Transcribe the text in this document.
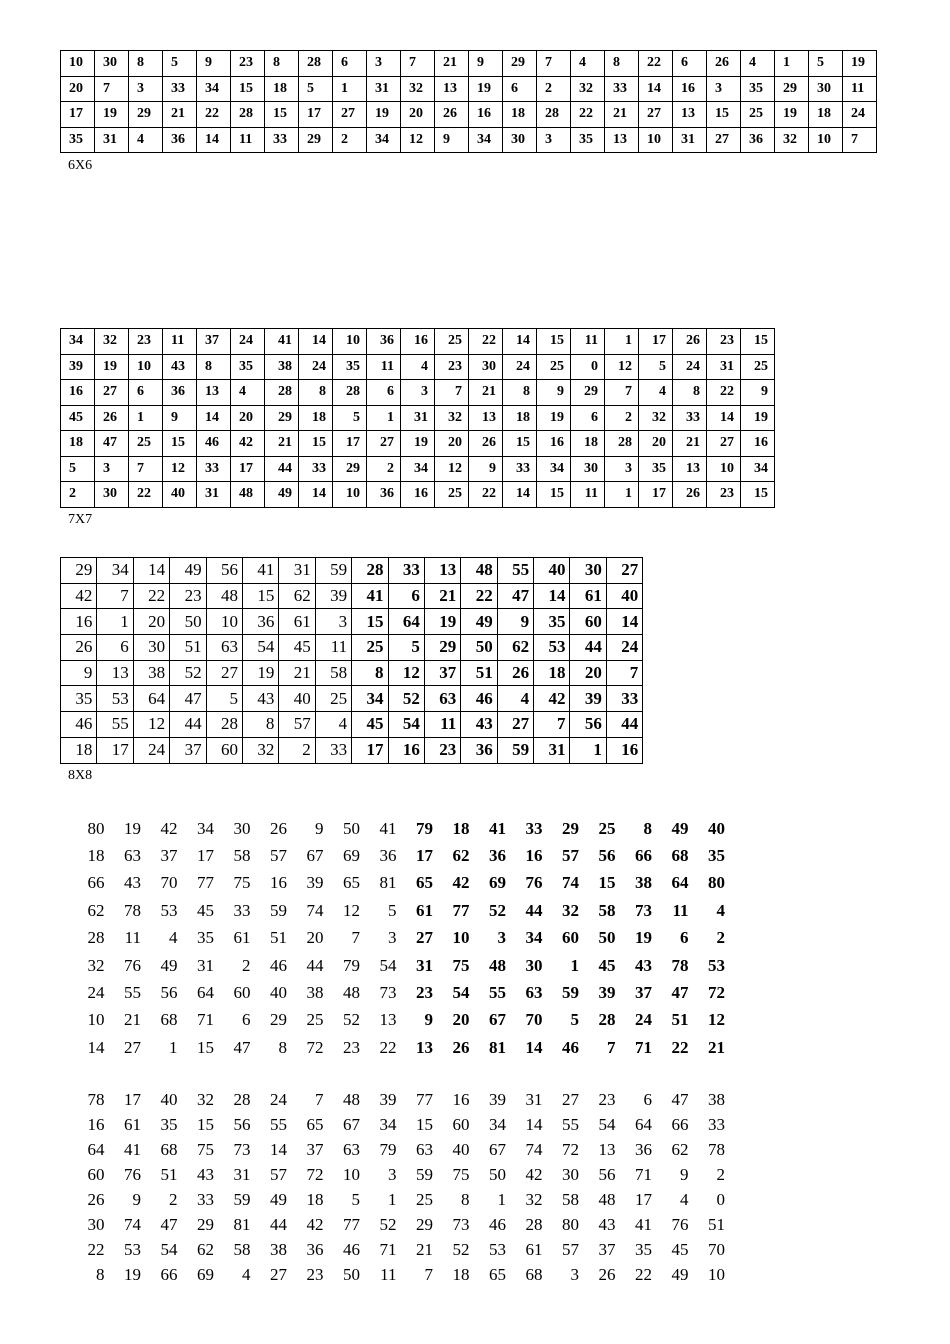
10	30	8	5	9	23	8	28	6	3	7	21	9	29	7	4	8	22	6	26	4	1	5	19
20	7	3	33	34	15	18	5	1	31	32	13	19	6	2	32	33	14	16	3	35	29	30	11
17	19	29	21	22	28	15	17	27	19	20	26	16	18	28	22	21	27	13	15	25	19	18	24
35	31	4	36	14	11	33	29	2	34	12	9	34	30	3	35	13	10	31	27	36	32	10	7
6X6
34	32	23	11	37	24	41	14	10	36	16	25	22	14	15	11	1	17	26	23	15
39	19	10	43	8	35	38	24	35	11	4	23	30	24	25	0	12	5	24	31	25
16	27	6	36	13	4	28	8	28	6	3	7	21	8	9	29	7	4	8	22	9
45	26	1	9	14	20	29	18	5	1	31	32	13	18	19	6	2	32	33	14	19
18	47	25	15	46	42	21	15	17	27	19	20	26	15	16	18	28	20	21	27	16
5	3	7	12	33	17	44	33	29	2	34	12	9	33	34	30	3	35	13	10	34
2	30	22	40	31	48	49	14	10	36	16	25	22	14	15	11	1	17	26	23	15
7X7
29	34	14	49	56	41	31	59	28	33	13	48	55	40	30	27
42	7	22	23	48	15	62	39	41	6	21	22	47	14	61	40
16	1	20	50	10	36	61	3	15	64	19	49	9	35	60	14
26	6	30	51	63	54	45	11	25	5	29	50	62	53	44	24
9	13	38	52	27	19	21	58	8	12	37	51	26	18	20	7
35	53	64	47	5	43	40	25	34	52	63	46	4	42	39	33
46	55	12	44	28	8	57	4	45	54	11	43	27	7	56	44
18	17	24	37	60	32	2	33	17	16	23	36	59	31	1	16
8X8
80	19	42	34	30	26	9	50	41	79	18	41	33	29	25	8	49	40
18	63	37	17	58	57	67	69	36	17	62	36	16	57	56	66	68	35
66	43	70	77	75	16	39	65	81	65	42	69	76	74	15	38	64	80
62	78	53	45	33	59	74	12	5	61	77	52	44	32	58	73	11	4
28	11	4	35	61	51	20	7	3	27	10	3	34	60	50	19	6	2
32	76	49	31	2	46	44	79	54	31	75	48	30	1	45	43	78	53
24	55	56	64	60	40	38	48	73	23	54	55	63	59	39	37	47	72
10	21	68	71	6	29	25	52	13	9	20	67	70	5	28	24	51	12
14	27	1	15	47	8	72	23	22	13	26	81	14	46	7	71	22	21
78	17	40	32	28	24	7	48	39	77	16	39	31	27	23	6	47	38
16	61	35	15	56	55	65	67	34	15	60	34	14	55	54	64	66	33
64	41	68	75	73	14	37	63	79	63	40	67	74	72	13	36	62	78
60	76	51	43	31	57	72	10	3	59	75	50	42	30	56	71	9	2
26	9	2	33	59	49	18	5	1	25	8	1	32	58	48	17	4	0
30	74	47	29	81	44	42	77	52	29	73	46	28	80	43	41	76	51
22	53	54	62	58	38	36	46	71	21	52	53	61	57	37	35	45	70
8	19	66	69	4	27	23	50	11	7	18	65	68	3	26	22	49	10
